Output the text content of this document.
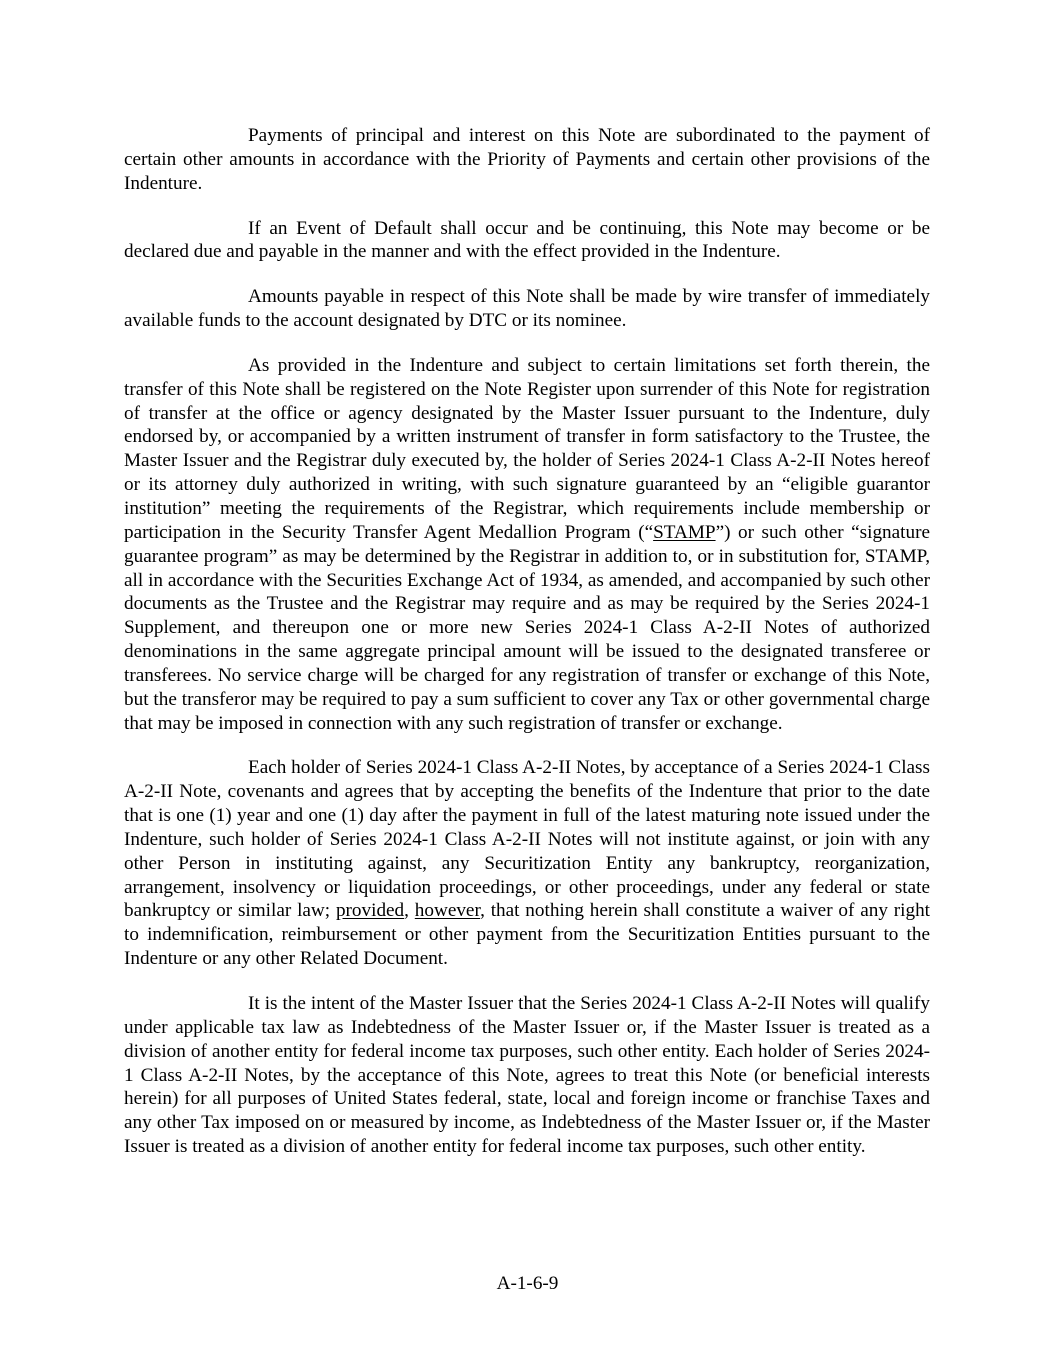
Payments of principal and interest on this Note are subordinated to the payment of certain other amounts in accordance with the Priority of Payments and certain other provisions of the Indenture.

If an Event of Default shall occur and be continuing, this Note may become or be declared due and payable in the manner and with the effect provided in the Indenture.

Amounts payable in respect of this Note shall be made by wire transfer of immediately available funds to the account designated by DTC or its nominee.

As provided in the Indenture and subject to certain limitations set forth therein, the transfer of this Note shall be registered on the Note Register upon surrender of this Note for registration of transfer at the office or agency designated by the Master Issuer pursuant to the Indenture, duly endorsed by, or accompanied by a written instrument of transfer in form satisfactory to the Trustee, the Master Issuer and the Registrar duly executed by, the holder of Series 2024-1 Class A-2-II Notes hereof or its attorney duly authorized in writing, with such signature guaranteed by an “eligible guarantor institution” meeting the requirements of the Registrar, which requirements include membership or participation in the Security Transfer Agent Medallion Program (“STAMP”) or such other “signature guarantee program” as may be determined by the Registrar in addition to, or in substitution for, STAMP, all in accordance with the Securities Exchange Act of 1934, as amended, and accompanied by such other documents as the Trustee and the Registrar may require and as may be required by the Series 2024-1 Supplement, and thereupon one or more new Series 2024-1 Class A-2-II Notes of authorized denominations in the same aggregate principal amount will be issued to the designated transferee or transferees. No service charge will be charged for any registration of transfer or exchange of this Note, but the transferor may be required to pay a sum sufficient to cover any Tax or other governmental charge that may be imposed in connection with any such registration of transfer or exchange.

Each holder of Series 2024-1 Class A-2-II Notes, by acceptance of a Series 2024-1 Class A-2-II Note, covenants and agrees that by accepting the benefits of the Indenture that prior to the date that is one (1) year and one (1) day after the payment in full of the latest maturing note issued under the Indenture, such holder of Series 2024-1 Class A-2-II Notes will not institute against, or join with any other Person in instituting against, any Securitization Entity any bankruptcy, reorganization, arrangement, insolvency or liquidation proceedings, or other proceedings, under any federal or state bankruptcy or similar law; provided, however, that nothing herein shall constitute a waiver of any right to indemnification, reimbursement or other payment from the Securitization Entities pursuant to the Indenture or any other Related Document.

It is the intent of the Master Issuer that the Series 2024-1 Class A-2-II Notes will qualify under applicable tax law as Indebtedness of the Master Issuer or, if the Master Issuer is treated as a division of another entity for federal income tax purposes, such other entity. Each holder of Series 2024-1 Class A-2-II Notes, by the acceptance of this Note, agrees to treat this Note (or beneficial interests herein) for all purposes of United States federal, state, local and foreign income or franchise Taxes and any other Tax imposed on or measured by income, as Indebtedness of the Master Issuer or, if the Master Issuer is treated as a division of another entity for federal income tax purposes, such other entity.

A-1-6-9
